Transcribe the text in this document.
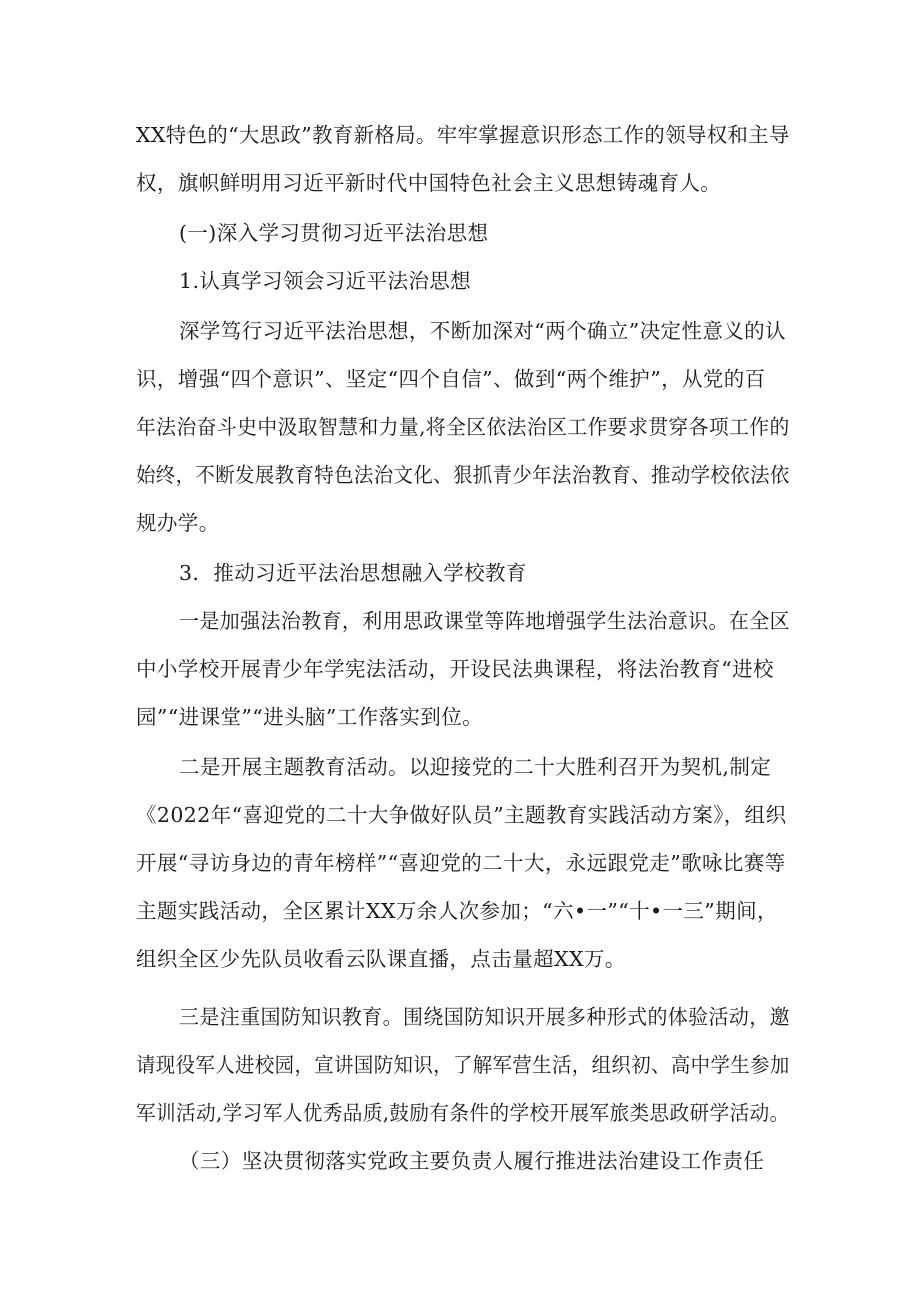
XX特色的“大思政”教育新格局。牢牢掌握意识形态工作的领导权和主导
权，旗帜鲜明用习近平新时代中国特色社会主义思想铸魂育人。
(一)深入学习贯彻习近平法治思想
1.认真学习领会习近平法治思想
深学笃行习近平法治思想，不断加深对“两个确立”决定性意义的认
识，增强“四个意识”、坚定“四个自信”、做到“两个维护”，从党的百
年法治奋斗史中汲取智慧和力量,将全区依法治区工作要求贯穿各项工作的
始终，不断发展教育特色法治文化、狠抓青少年法治教育、推动学校依法依
规办学。
3．推动习近平法治思想融入学校教育
一是加强法治教育，利用思政课堂等阵地增强学生法治意识。在全区
中小学校开展青少年学宪法活动，开设民法典课程，将法治教育“进校
园”“进课堂”“进头脑”工作落实到位。
二是开展主题教育活动。以迎接党的二十大胜利召开为契机,制定
《2022年“喜迎党的二十大争做好队员”主题教育实践活动方案》，组织
开展“寻访身边的青年榜样”“喜迎党的二十大，永远跟党走”歌咏比赛等
主题实践活动，全区累计XX万余人次参加；“六•一”“十•一三”期间，
组织全区少先队员收看云队课直播，点击量超XX万。
三是注重国防知识教育。围绕国防知识开展多种形式的体验活动，邀
请现役军人进校园，宣讲国防知识，了解军营生活，组织初、高中学生参加
军训活动,学习军人优秀品质,鼓励有条件的学校开展军旅类思政研学活动。
（三）坚决贯彻落实党政主要负责人履行推进法治建设工作责任
